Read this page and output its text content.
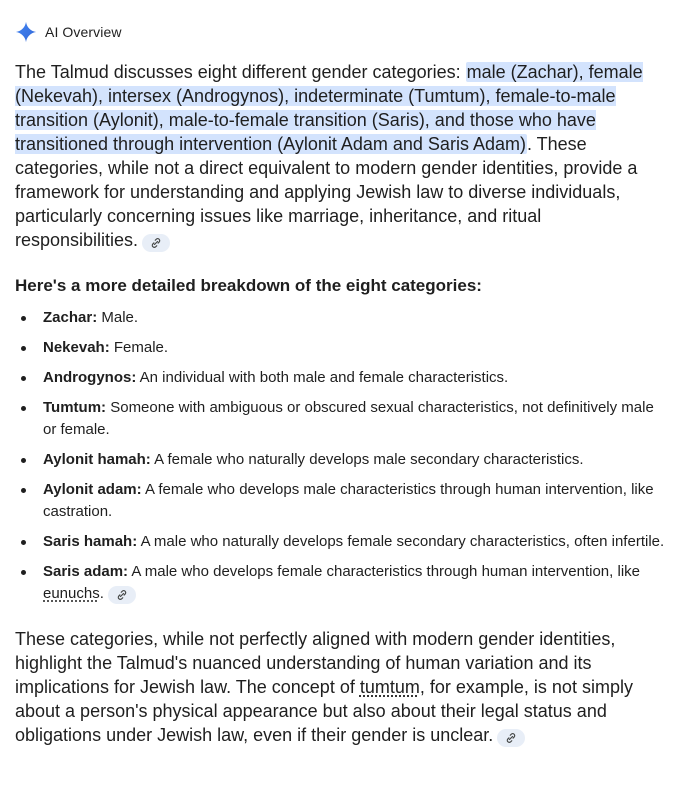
AI Overview

The Talmud discusses eight different gender categories: male (Zachar), female (Nekevah), intersex (Androgynos), indeterminate (Tumtum), female-to-male transition (Aylonit), male-to-female transition (Saris), and those who have transitioned through intervention (Aylonit Adam and Saris Adam). These categories, while not a direct equivalent to modern gender identities, provide a framework for understanding and applying Jewish law to diverse individuals, particularly concerning issues like marriage, inheritance, and ritual responsibilities.

Here's a more detailed breakdown of the eight categories:
Zachar: Male.
Nekevah: Female.
Androgynos: An individual with both male and female characteristics.
Tumtum: Someone with ambiguous or obscured sexual characteristics, not definitively male or female.
Aylonit hamah: A female who naturally develops male secondary characteristics.
Aylonit adam: A female who develops male characteristics through human intervention, like castration.
Saris hamah: A male who naturally develops female secondary characteristics, often infertile.
Saris adam: A male who develops female characteristics through human intervention, like eunuchs.

These categories, while not perfectly aligned with modern gender identities, highlight the Talmud's nuanced understanding of human variation and its implications for Jewish law. The concept of tumtum, for example, is not simply about a person's physical appearance but also about their legal status and obligations under Jewish law, even if their gender is unclear.
